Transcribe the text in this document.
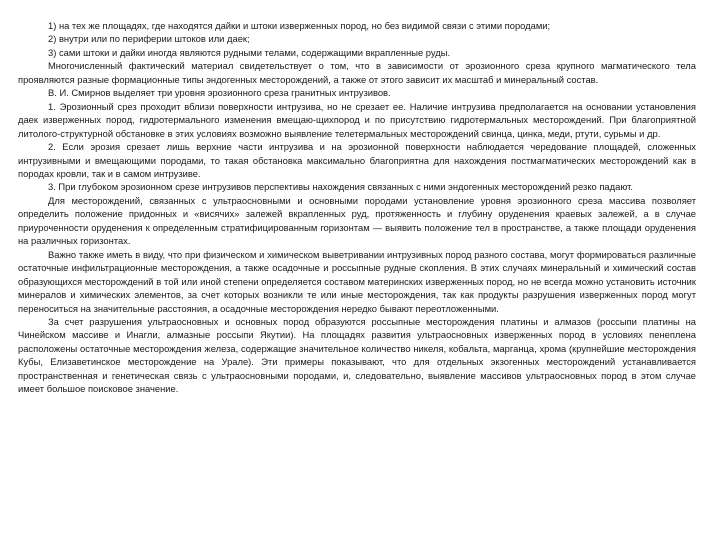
1) на тех же площадях, где находятся дайки и штоки изверженных пород, но без видимой связи с этими породами;

2) внутри или по периферии штоков или даек;

3) сами штоки и дайки иногда являются рудными телами, содержащими вкрапленные руды.

Многочисленный фактический материал свидетельствует о том, что в зависимости от эрозионного среза крупного магматического тела проявляются разные формационные типы эндогенных месторождений, а также от этого зависит их масштаб и минеральный состав.

В. И. Смирнов выделяет три уровня эрозионного среза гранитных интрузивов.

1. Эрозионный срез проходит вблизи поверхности интрузива, но не срезает ее. Наличие интрузива предполагается на основании установления даек изверженных пород, гидротермального изменения вмещаю-щихпород и по присутствию гидротермальных месторождений. При благоприятной литолого-структурной обстановке в этих условиях возможно выявление телетермальных месторождений свинца, цинка, меди, ртути, сурьмы и др.

2. Если эрозия срезает лишь верхние части интрузива и на эрозионной поверхности наблюдается чередование площадей, сложенных интрузивными и вмещающими породами, то такая обстановка максимально благоприятна для нахождения постмагматических месторождений как в породах кровли, так и в самом интрузиве.

3. При глубоком эрозионном срезе интрузивов перспективы нахождения связанных с ними эндогенных месторождений резко падают.

Для месторождений, связанных с ультраосновными и основными породами установление уровня эрозионного среза массива позволяет определить положение придонных и «висячих» залежей вкрапленных руд, протяженность и глубину оруденения краевых залежей, а в случае приуроченности оруденения к определенным стратифицированным горизонтам — выявить положение тел в пространстве, а также площади оруденения на различных горизонтах.

Важно также иметь в виду, что при физическом и химическом выветривании интрузивных пород разного состава, могут формироваться различные остаточные инфильтрационные месторождения, а также осадочные и россыпные рудные скопления. В этих случаях минеральный и химический состав образующихся месторождений в той или иной степени определяется составом материнских изверженных пород, но не всегда можно установить источник минералов и химических элементов, за счет которых возникли те или иные месторождения, так как продукты разрушения изверженных пород могут переноситься на значительные расстояния, а осадочные месторождения нередко бывают переотложенными.

За счет разрушения ультраосновных и основных пород образуются россыпные месторождения платины и алмазов (россыпи платины на Чинейском массиве и Инагли, алмазные россыпи Якутии). На площадях развития ультраосновных изверженных пород в условиях пенеплена расположены остаточные месторождения железа, содержащие значительное количество никеля, кобальта, марганца, хрома (крупнейшие месторождения Кубы, Елизаветинское месторождение на Урале). Эти примеры показывают, что для отдельных экзогенных месторождений устанавливается пространственная и генетическая связь с ультраосновными породами, и, следовательно, выявление массивов ультраосновных пород в этом случае имеет большое поисковое значение.
